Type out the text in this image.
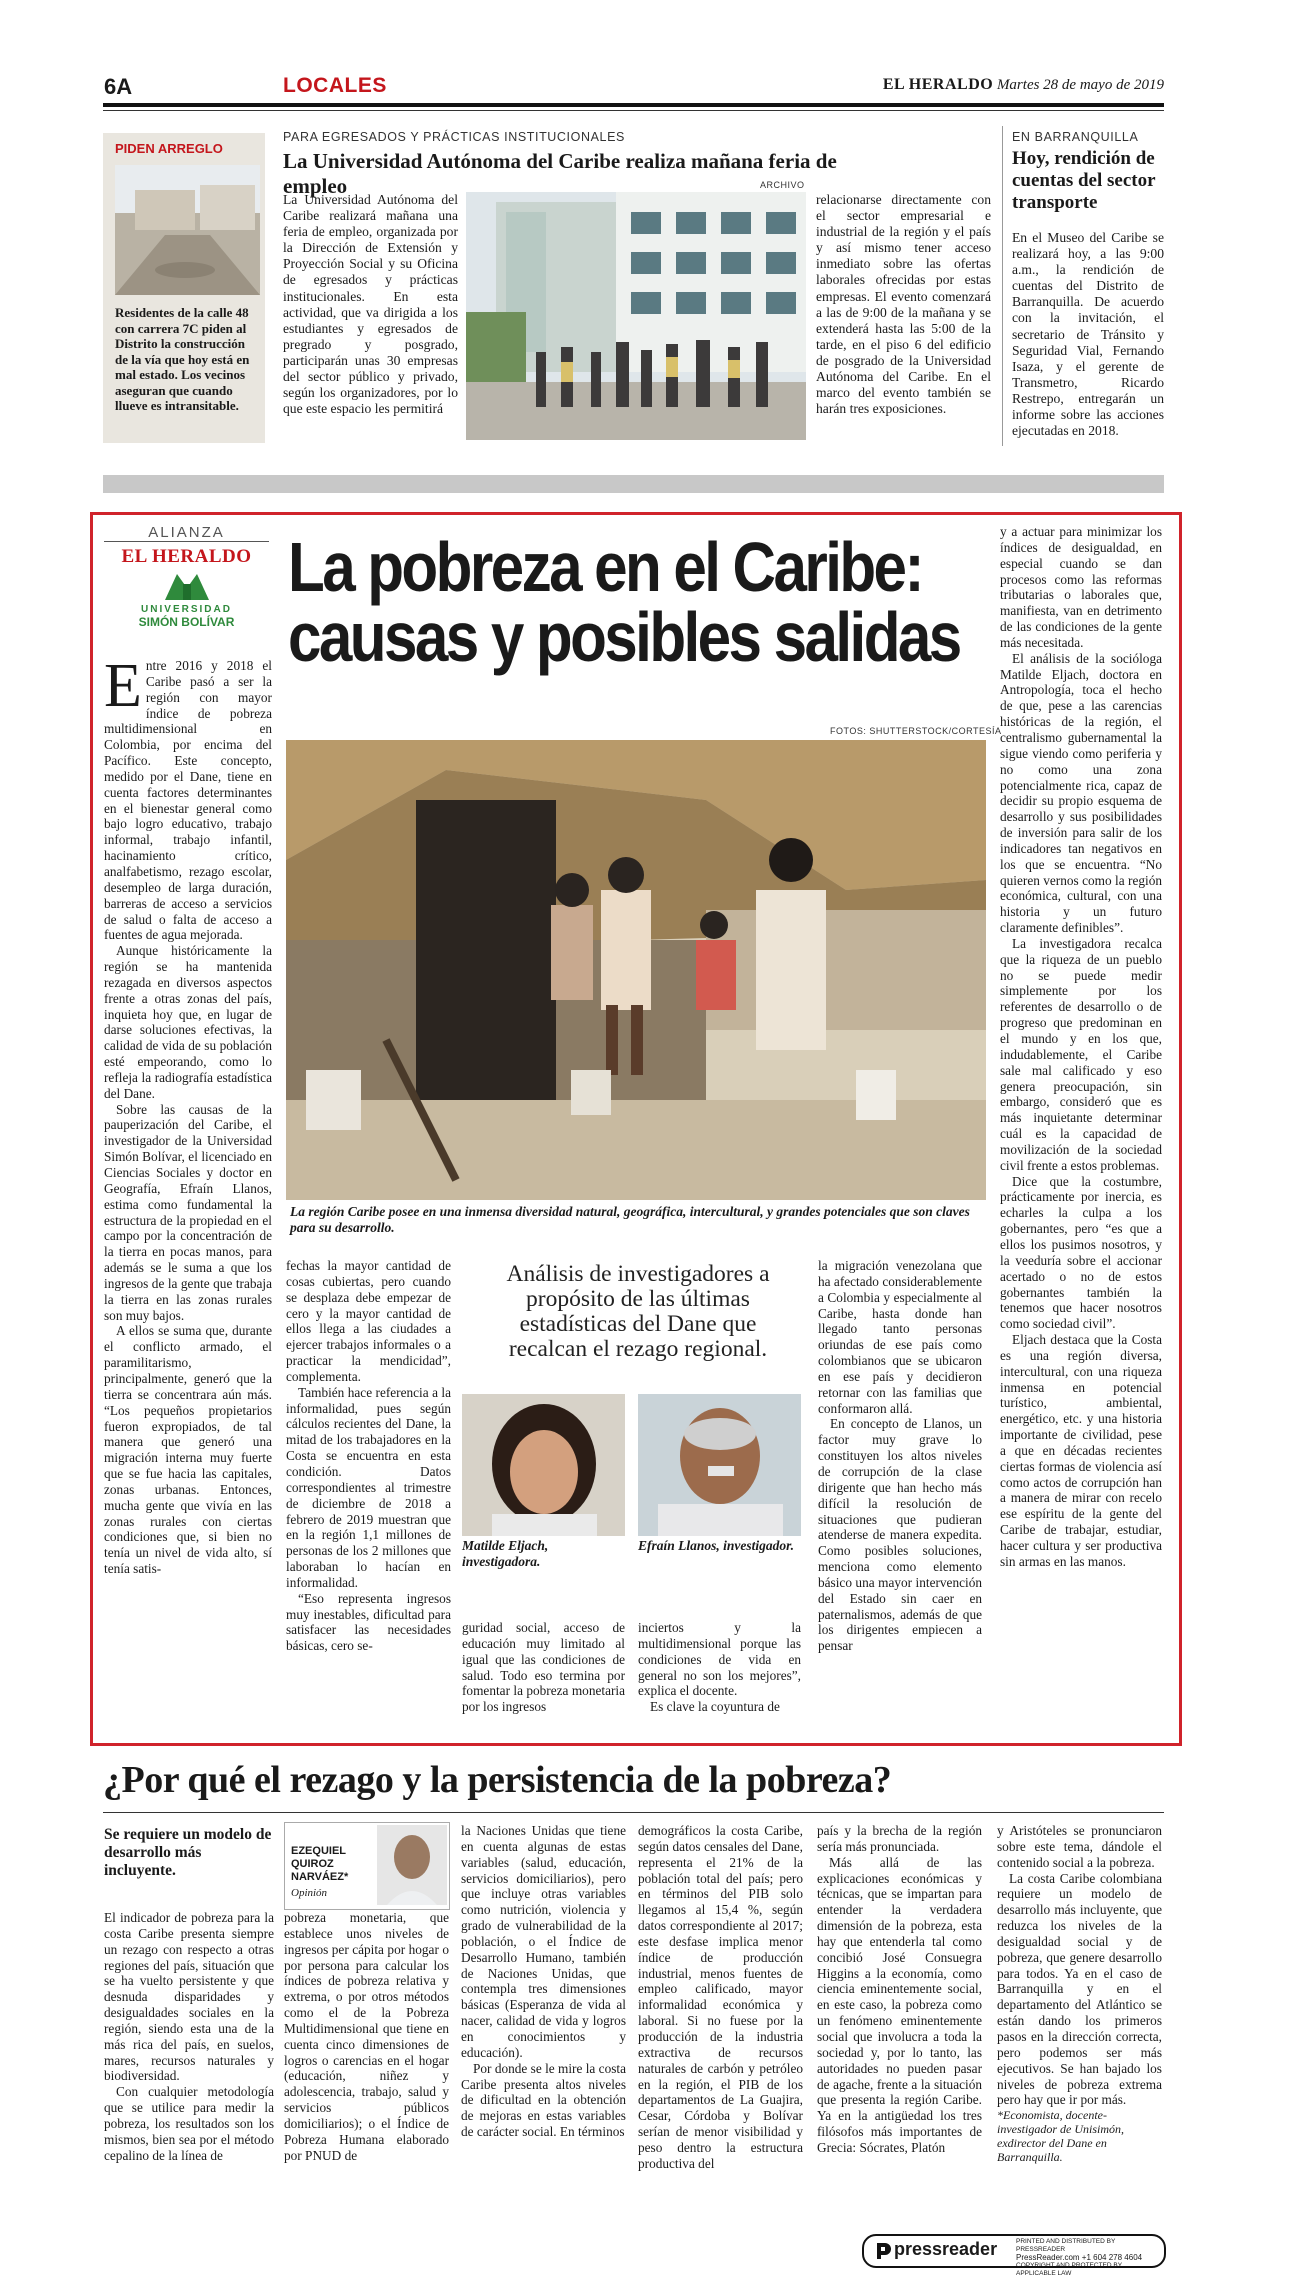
6A	LOCALES	EL HERALDO Martes 28 de mayo de 2019
PIDEN ARREGLO
Residentes de la calle 48 con carrera 7C piden al Distrito la construcción de la vía que hoy está en mal estado. Los vecinos aseguran que cuando llueve es intransitable.
PARA EGRESADOS Y PRÁCTICAS INSTITUCIONALES
La Universidad Autónoma del Caribe realiza mañana feria de empleo	ARCHIVO

La Universidad Autónoma del Caribe realizará mañana una feria de empleo, organizada por la Dirección de Extensión y Proyección Social y su Oficina de egresados y prácticas institucionales. En esta actividad, que va dirigida a los estudiantes y egresados de pregrado y posgrado, participarán unas 30 empresas del sector público y privado, según los organizadores, por lo que este espacio les permitirá

relacionarse directamente con el sector empresarial e industrial de la región y el país y así mismo tener acceso inmediato sobre las ofertas laborales ofrecidas por estas empresas. El evento comenzará a las de 9:00 de la mañana y se extenderá hasta las 5:00 de la tarde, en el piso 6 del edificio de posgrado de la Universidad Autónoma del Caribe. En el marco del evento también se harán tres exposiciones.

EN BARRANQUILLA
Hoy, rendición de cuentas del sector transporte

En el Museo del Caribe se realizará hoy, a las 9:00 a.m., la rendición de cuentas del Distrito de Barranquilla. De acuerdo con la invitación, el secretario de Tránsito y Seguridad Vial, Fernando Isaza, y el gerente de Transmetro, Ricardo Restrepo, entregarán un informe sobre las acciones ejecutadas en 2018.

ALIANZA
EL HERALDO
UNIVERSIDAD
SIMÓN BOLÍVAR
La pobreza en el Caribe:
causas y posibles salidas
FOTOS: SHUTTERSTOCK/CORTESÍA
La región Caribe posee en una inmensa diversidad natural, geográfica, intercultural, y grandes potenciales que son claves para su desarrollo.
E ntre 2016 y 2018 el Caribe pasó a ser la región con mayor índice de pobreza multidimensional en Colombia, por encima del Pacífico. Este concepto, medido por el Dane, tiene en cuenta factores determinantes en el bienestar general como bajo logro educativo, trabajo informal, trabajo infantil, hacinamiento crítico, analfabetismo, rezago escolar, desempleo de larga duración, barreras de acceso a servicios de salud o falta de acceso a fuentes de agua mejorada.

Aunque históricamente la región se ha mantenida rezagada en diversos aspectos frente a otras zonas del país, inquieta hoy que, en lugar de darse soluciones efectivas, la calidad de vida de su población esté empeorando, como lo refleja la radiografía estadística del Dane.

Sobre las causas de la pauperización del Caribe, el investigador de la Universidad Simón Bolívar, el licenciado en Ciencias Sociales y doctor en Geografía, Efraín Llanos, estima como fundamental la estructura de la propiedad en el campo por la concentración de la tierra en pocas manos, para además se le suma a que los ingresos de la gente que trabaja la tierra en las zonas rurales son muy bajos.

A ellos se suma que, durante el conflicto armado, el paramilitarismo, principalmente, generó que la tierra se concentrara aún más. “Los pequeños propietarios fueron expropiados, de tal manera que generó una migración interna muy fuerte que se fue hacia las capitales, zonas urbanas. Entonces, mucha gente que vivía en las zonas rurales con ciertas condiciones que, si bien no tenía un nivel de vida alto, sí tenía satis-

fechas la mayor cantidad de cosas cubiertas, pero cuando se desplaza debe empezar de cero y la mayor cantidad de ellos llega a las ciudades a ejercer trabajos informales o a practicar la mendicidad”, complementa.

También hace referencia a la informalidad, pues según cálculos recientes del Dane, la mitad de los trabajadores en la Costa se encuentra en esta condición. Datos correspondientes al trimestre de diciembre de 2018 a febrero de 2019 muestran que en la región 1,1 millones de personas de los 2 millones que laboraban lo hacían en informalidad.

“Eso representa ingresos muy inestables, dificultad para satisfacer las necesidades básicas, cero se-

Análisis de investigadores a propósito de las últimas estadísticas del Dane que recalcan el rezago regional.
Matilde Eljach, investigadora.
Efraín Llanos, investigador.

guridad social, acceso de educación muy limitado al igual que las condiciones de salud. Todo eso termina por fomentar la pobreza monetaria por los ingresos

inciertos y la multidimensional porque las condiciones de vida en general no son los mejores”, explica el docente.

Es clave la coyuntura de

la migración venezolana que ha afectado considerablemente a Colombia y especialmente al Caribe, hasta donde han llegado tanto personas oriundas de ese país como colombianos que se ubicaron en ese país y decidieron retornar con las familias que conformaron allá.

En concepto de Llanos, un factor muy grave lo constituyen los altos niveles de corrupción de la clase dirigente que han hecho más difícil la resolución de situaciones que pudieran atenderse de manera expedita. Como posibles soluciones, menciona como elemento básico una mayor intervención del Estado sin caer en paternalismos, además de que los dirigentes empiecen a pensar

y a actuar para minimizar los índices de desigualdad, en especial cuando se dan procesos como las reformas tributarias o laborales que, manifiesta, van en detrimento de las condiciones de la gente más necesitada.

El análisis de la socióloga Matilde Eljach, doctora en Antropología, toca el hecho de que, pese a las carencias históricas de la región, el centralismo gubernamental la sigue viendo como periferia y no como una zona potencialmente rica, capaz de decidir su propio esquema de desarrollo y sus posibilidades de inversión para salir de los indicadores tan negativos en los que se encuentra. “No quieren vernos como la región económica, cultural, con una historia y un futuro claramente definibles”.

La investigadora recalca que la riqueza de un pueblo no se puede medir simplemente por los referentes de desarrollo o de progreso que predominan en el mundo y en los que, indudablemente, el Caribe sale mal calificado y eso genera preocupación, sin embargo, consideró que es más inquietante determinar cuál es la capacidad de movilización de la sociedad civil frente a estos problemas.

Dice que la costumbre, prácticamente por inercia, es echarles la culpa a los gobernantes, pero “es que a ellos los pusimos nosotros, y la veeduría sobre el accionar acertado o no de estos gobernantes también la tenemos que hacer nosotros como sociedad civil”.

Eljach destaca que la Costa es una región diversa, intercultural, con una riqueza inmensa en potencial turístico, ambiental, energético, etc. y una historia importante de civilidad, pese a que en décadas recientes ciertas formas de violencia así como actos de corrupción han a manera de mirar con recelo ese espíritu de la gente del Caribe de trabajar, estudiar, hacer cultura y ser productiva sin armas en las manos.

¿Por qué el rezago y la persistencia de la pobreza?
Se requiere un modelo de desarrollo más incluyente.
EZEQUIEL QUIROZ NARVÁEZ*
Opinión

El indicador de pobreza para la costa Caribe presenta siempre un rezago con respecto a otras regiones del país, situación que se ha vuelto persistente y que desnuda disparidades y desigualdades sociales en la región, siendo esta una de la más rica del país, en suelos, mares, recursos naturales y biodiversidad.

Con cualquier metodología que se utilice para medir la pobreza, los resultados son los mismos, bien sea por el método cepalino de la línea de

pobreza monetaria, que establece unos niveles de ingresos per cápita por hogar o por persona para calcular los índices de pobreza relativa y extrema, o por otros métodos como el de la Pobreza Multidimensional que tiene en cuenta cinco dimensiones de logros o carencias en el hogar (educación, niñez y adolescencia, trabajo, salud y servicios públicos domiciliarios); o el Índice de Pobreza Humana elaborado por PNUD de

la Naciones Unidas que tiene en cuenta algunas de estas variables (salud, educación, servicios domiciliarios), pero que incluye otras variables como nutrición, violencia y grado de vulnerabilidad de la población, o el Índice de Desarrollo Humano, también de Naciones Unidas, que contempla tres dimensiones básicas (Esperanza de vida al nacer, calidad de vida y logros en conocimientos y educación).

Por donde se le mire la costa Caribe presenta altos niveles de dificultad en la obtención de mejoras en estas variables de carácter social. En términos

demográficos la costa Caribe, según datos censales del Dane, representa el 21% de la población total del país; pero en términos del PIB solo llegamos al 15,4 %, según datos correspondiente al 2017; este desfase implica menor índice de producción industrial, menos fuentes de empleo calificado, mayor informalidad económica y laboral. Si no fuese por la producción de la industria extractiva de recursos naturales de carbón y petróleo en la región, el PIB de los departamentos de La Guajira, Cesar, Córdoba y Bolívar serían de menor visibilidad y peso dentro la estructura productiva del

país y la brecha de la región sería más pronunciada.

Más allá de las explicaciones económicas y técnicas, que se impartan para entender la verdadera dimensión de la pobreza, esta hay que entenderla tal como concibió José Consuegra Higgins a la economía, como ciencia eminentemente social, en este caso, la pobreza como un fenómeno eminentemente social que involucra a toda la sociedad y, por lo tanto, las autoridades no pueden pasar de agache, frente a la situación que presenta la región Caribe. Ya en la antigüedad los tres filósofos más importantes de Grecia: Sócrates, Platón

y Aristóteles se pronunciaron sobre este tema, dándole el contenido social a la pobreza.

La costa Caribe colombiana requiere un modelo de desarrollo más incluyente, que reduzca los niveles de la desigualdad social y de pobreza, que genere desarrollo para todos. Ya en el caso de Barranquilla y en el departamento del Atlántico se están dando los primeros pasos en la dirección correcta, pero podemos ser más ejecutivos. Se han bajado los niveles de pobreza extrema pero hay que ir por más.

*Economista, docente-investigador de Unisimón, exdirector del Dane en Barranquilla.

pressreader	PRINTED AND DISTRIBUTED BY PRESSREADER
PressReader.com +1 604 278 4604
COPYRIGHT AND PROTECTED BY APPLICABLE LAW
